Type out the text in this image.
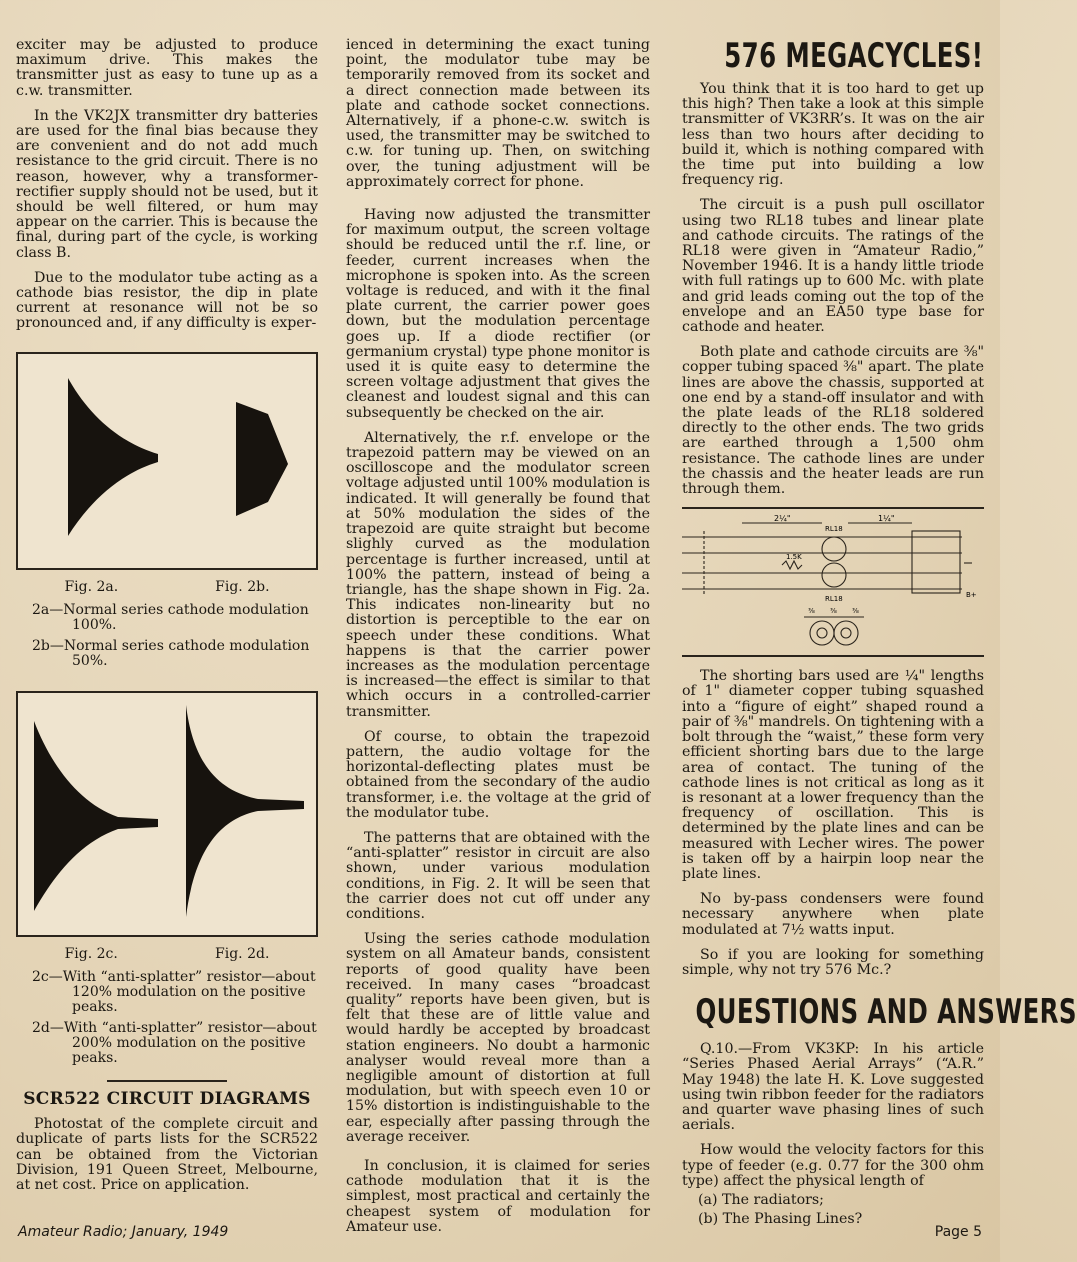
exciter may be adjusted to produce maximum drive. This makes the transmitter just as easy to tune up as a c.w. transmitter.

In the VK2JX transmitter dry batteries are used for the final bias because they are convenient and do not add much resistance to the grid circuit. There is no reason, however, why a transformer-rectifier supply should not be used, but it should be well filtered, or hum may appear on the carrier. This is because the final, during part of the cycle, is working class B.

Due to the modulator tube acting as a cathode bias resistor, the dip in plate current at resonance will not be so pronounced and, if any difficulty is exper-

Fig. 2a.	Fig. 2b.
2a—Normal series cathode modulation 100%.
2b—Normal series cathode modulation 50%.
Fig. 2c.	Fig. 2d.
2c—With “anti-splatter” resistor—about 120% modulation on the positive peaks.
2d—With “anti-splatter” resistor—about 200% modulation on the positive peaks.
SCR522 CIRCUIT DIAGRAMS

Photostat of the complete circuit and duplicate of parts lists for the SCR522 can be obtained from the Victorian Division, 191 Queen Street, Melbourne, at net cost. Price on application.

ienced in determining the exact tuning point, the modulator tube may be temporarily removed from its socket and a direct connection made between its plate and cathode socket connections. Alternatively, if a phone-c.w. switch is used, the transmitter may be switched to c.w. for tuning up. Then, on switching over, the tuning adjustment will be approximately correct for phone.

Having now adjusted the transmitter for maximum output, the screen voltage should be reduced until the r.f. line, or feeder, current increases when the microphone is spoken into. As the screen voltage is reduced, and with it the final plate current, the carrier power goes down, but the modulation percentage goes up. If a diode rectifier (or germanium crystal) type phone monitor is used it is quite easy to determine the screen voltage adjustment that gives the cleanest and loudest signal and this can subsequently be checked on the air.

Alternatively, the r.f. envelope or the trapezoid pattern may be viewed on an oscilloscope and the modulator screen voltage adjusted until 100% modulation is indicated. It will generally be found that at 50% modulation the sides of the trapezoid are quite straight but become slighly curved as the modulation percentage is further increased, until at 100% the pattern, instead of being a triangle, has the shape shown in Fig. 2a. This indicates non-linearity but no distortion is perceptible to the ear on speech under these conditions. What happens is that the carrier power increases as the modulation percentage is increased—the effect is similar to that which occurs in a controlled-carrier transmitter.

Of course, to obtain the trapezoid pattern, the audio voltage for the horizontal-deflecting plates must be obtained from the secondary of the audio transformer, i.e. the voltage at the grid of the modulator tube.

The patterns that are obtained with the “anti-splatter” resistor in circuit are also shown, under various modulation conditions, in Fig. 2. It will be seen that the carrier does not cut off under any conditions.

Using the series cathode modulation system on all Amateur bands, consistent reports of good quality have been received. In many cases “broadcast quality” reports have been given, but is felt that these are of little value and would hardly be accepted by broadcast station engineers. No doubt a harmonic analyser would reveal more than a negligible amount of distortion at full modulation, but with speech even 10 or 15% distortion is indistinguishable to the ear, especially after passing through the average receiver.

In conclusion, it is claimed for series cathode modulation that it is the simplest, most practical and certainly the cheapest system of modulation for Amateur use.

576 MEGACYCLES!

You think that it is too hard to get up this high? Then take a look at this simple transmitter of VK3RR’s. It was on the air less than two hours after deciding to build it, which is nothing compared with the time put into building a low frequency rig.

The circuit is a push pull oscillator using two RL18 tubes and linear plate and cathode circuits. The ratings of the RL18 were given in “Amateur Radio,” November 1946. It is a handy little triode with full ratings up to 600 Mc. with plate and grid leads coming out the top of the envelope and an EA50 type base for cathode and heater.

Both plate and cathode circuits are ⅜" copper tubing spaced ⅜" apart. The plate lines are above the chassis, supported at one end by a stand-off insulator and with the plate leads of the RL18 soldered directly to the other ends. The two grids are earthed through a 1,500 ohm resistance. The cathode lines are under the chassis and the heater leads are run through them.

2¼"	1¼"
RL18
RL18
1.5K
⅜ ⅜ ⅜
B+

The shorting bars used are ¼" lengths of 1" diameter copper tubing squashed into a “figure of eight” shaped round a pair of ⅜" mandrels. On tightening with a bolt through the “waist,” these form very efficient shorting bars due to the large area of contact. The tuning of the cathode lines is not critical as long as it is resonant at a lower frequency than the frequency of oscillation. This is determined by the plate lines and can be measured with Lecher wires. The power is taken off by a hairpin loop near the plate lines.

No by-pass condensers were found necessary anywhere when plate modulated at 7½ watts input.

So if you are looking for something simple, why not try 576 Mc.?

QUESTIONS AND ANSWERS

Q.10.—From VK3KP: In his article “Series Phased Aerial Arrays” (“A.R.” May 1948) the late H. K. Love suggested using twin ribbon feeder for the radiators and quarter wave phasing lines of such aerials.

How would the velocity factors for this type of feeder (e.g. 0.77 for the 300 ohm type) affect the physical length of

(a) The radiators;
(b) The Phasing Lines?
Amateur Radio; January, 1949	Page 5
